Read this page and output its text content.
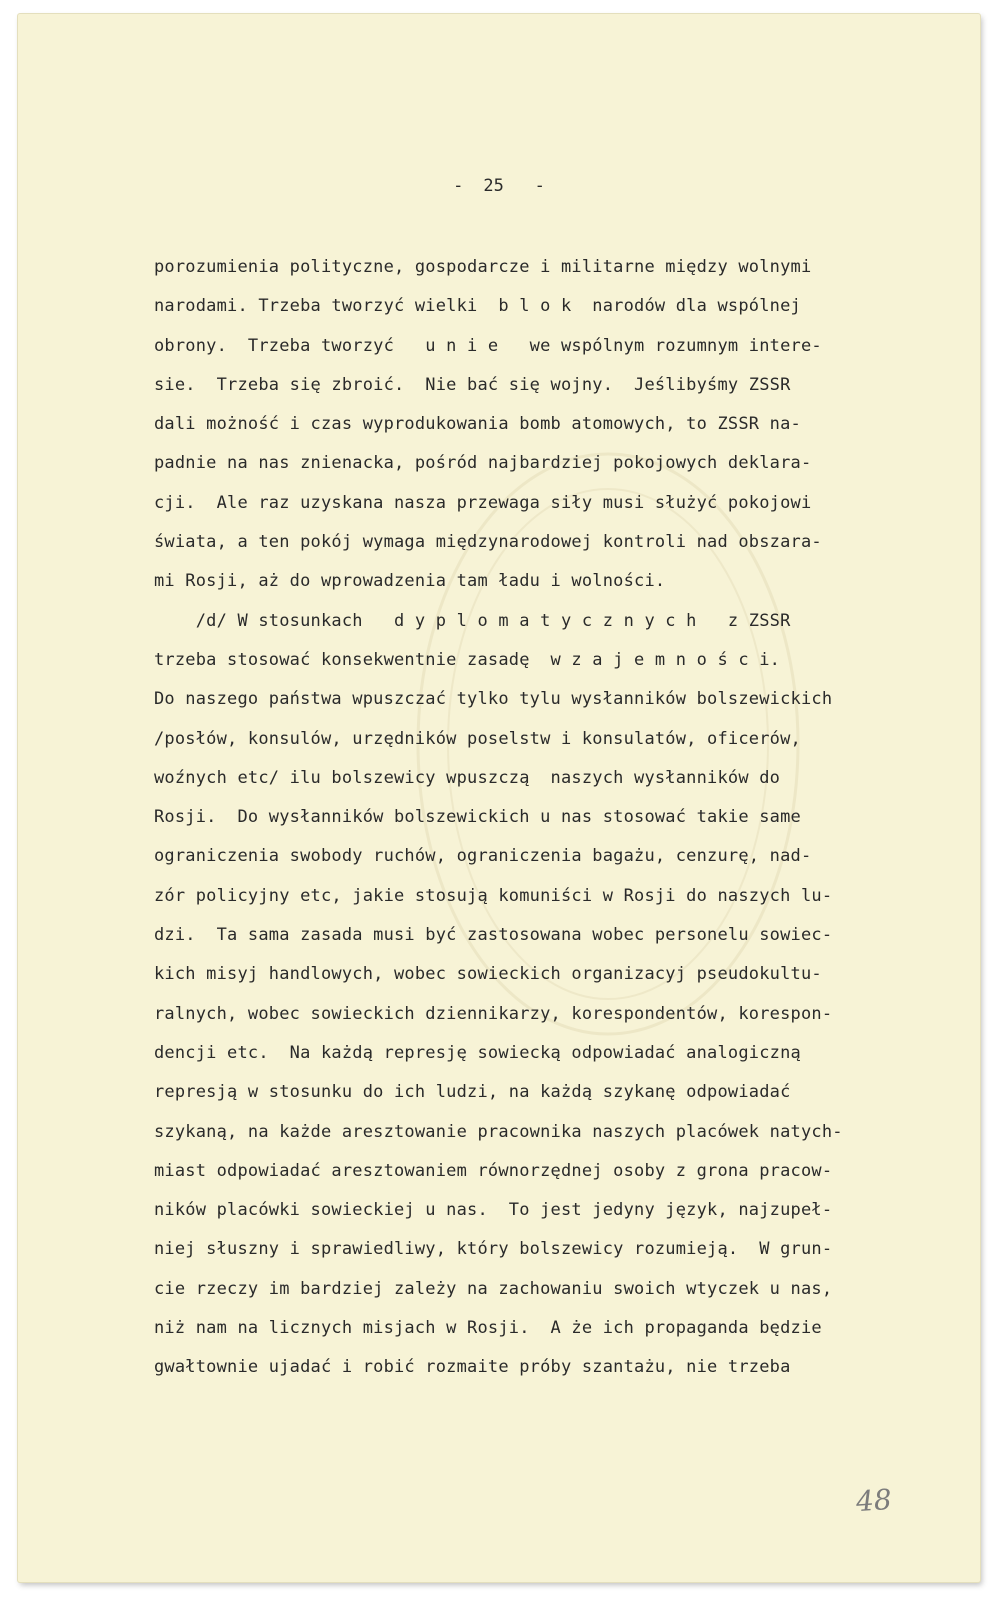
- 25   -
porozumienia polityczne, gospodarcze i militarne między wolnymi
narodami. Trzeba tworzyć wielki  b l o k  narodów dla wspólnej
obrony.  Trzeba tworzyć   u n i e   we wspólnym rozumnym intere-
sie.  Trzeba się zbroić.  Nie bać się wojny.  Jeślibyśmy ZSSR
dali możność i czas wyprodukowania bomb atomowych, to ZSSR na-
padnie na nas znienacka, pośród najbardziej pokojowych deklara-
cji.  Ale raz uzyskana nasza przewaga siły musi służyć pokojowi
świata, a ten pokój wymaga międzynarodowej kontroli nad obszara-
mi Rosji, aż do wprowadzenia tam ładu i wolności.
/d/ W stosunkach   d y p l o m a t y c z n y c h   z ZSSR
trzeba stosować konsekwentnie zasadę  w z a j e m n o ś c i.
Do naszego państwa wpuszczać tylko tylu wysłanników bolszewickich
/posłów, konsulów, urzędników poselstw i konsulatów, oficerów,
woźnych etc/ ilu bolszewicy wpuszczą  naszych wysłanników do
Rosji.  Do wysłanników bolszewickich u nas stosować takie same
ograniczenia swobody ruchów, ograniczenia bagażu, cenzurę, nad-
zór policyjny etc, jakie stosują komuniści w Rosji do naszych lu-
dzi.  Ta sama zasada musi być zastosowana wobec personelu sowiec-
kich misyj handlowych, wobec sowieckich organizacyj pseudokultu-
ralnych, wobec sowieckich dziennikarzy, korespondentów, korespon-
dencji etc.  Na każdą represję sowiecką odpowiadać analogiczną
represją w stosunku do ich ludzi, na każdą szykanę odpowiadać
szykaną, na każde aresztowanie pracownika naszych placówek natych-
miast odpowiadać aresztowaniem równorzędnej osoby z grona pracow-
ników placówki sowieckiej u nas.  To jest jedyny język, najzupeł-
niej słuszny i sprawiedliwy, który bolszewicy rozumieją.  W grun-
cie rzeczy im bardziej zależy na zachowaniu swoich wtyczek u nas,
niż nam na licznych misjach w Rosji.  A że ich propaganda będzie
gwałtownie ujadać i robić rozmaite próby szantażu, nie trzeba
48
